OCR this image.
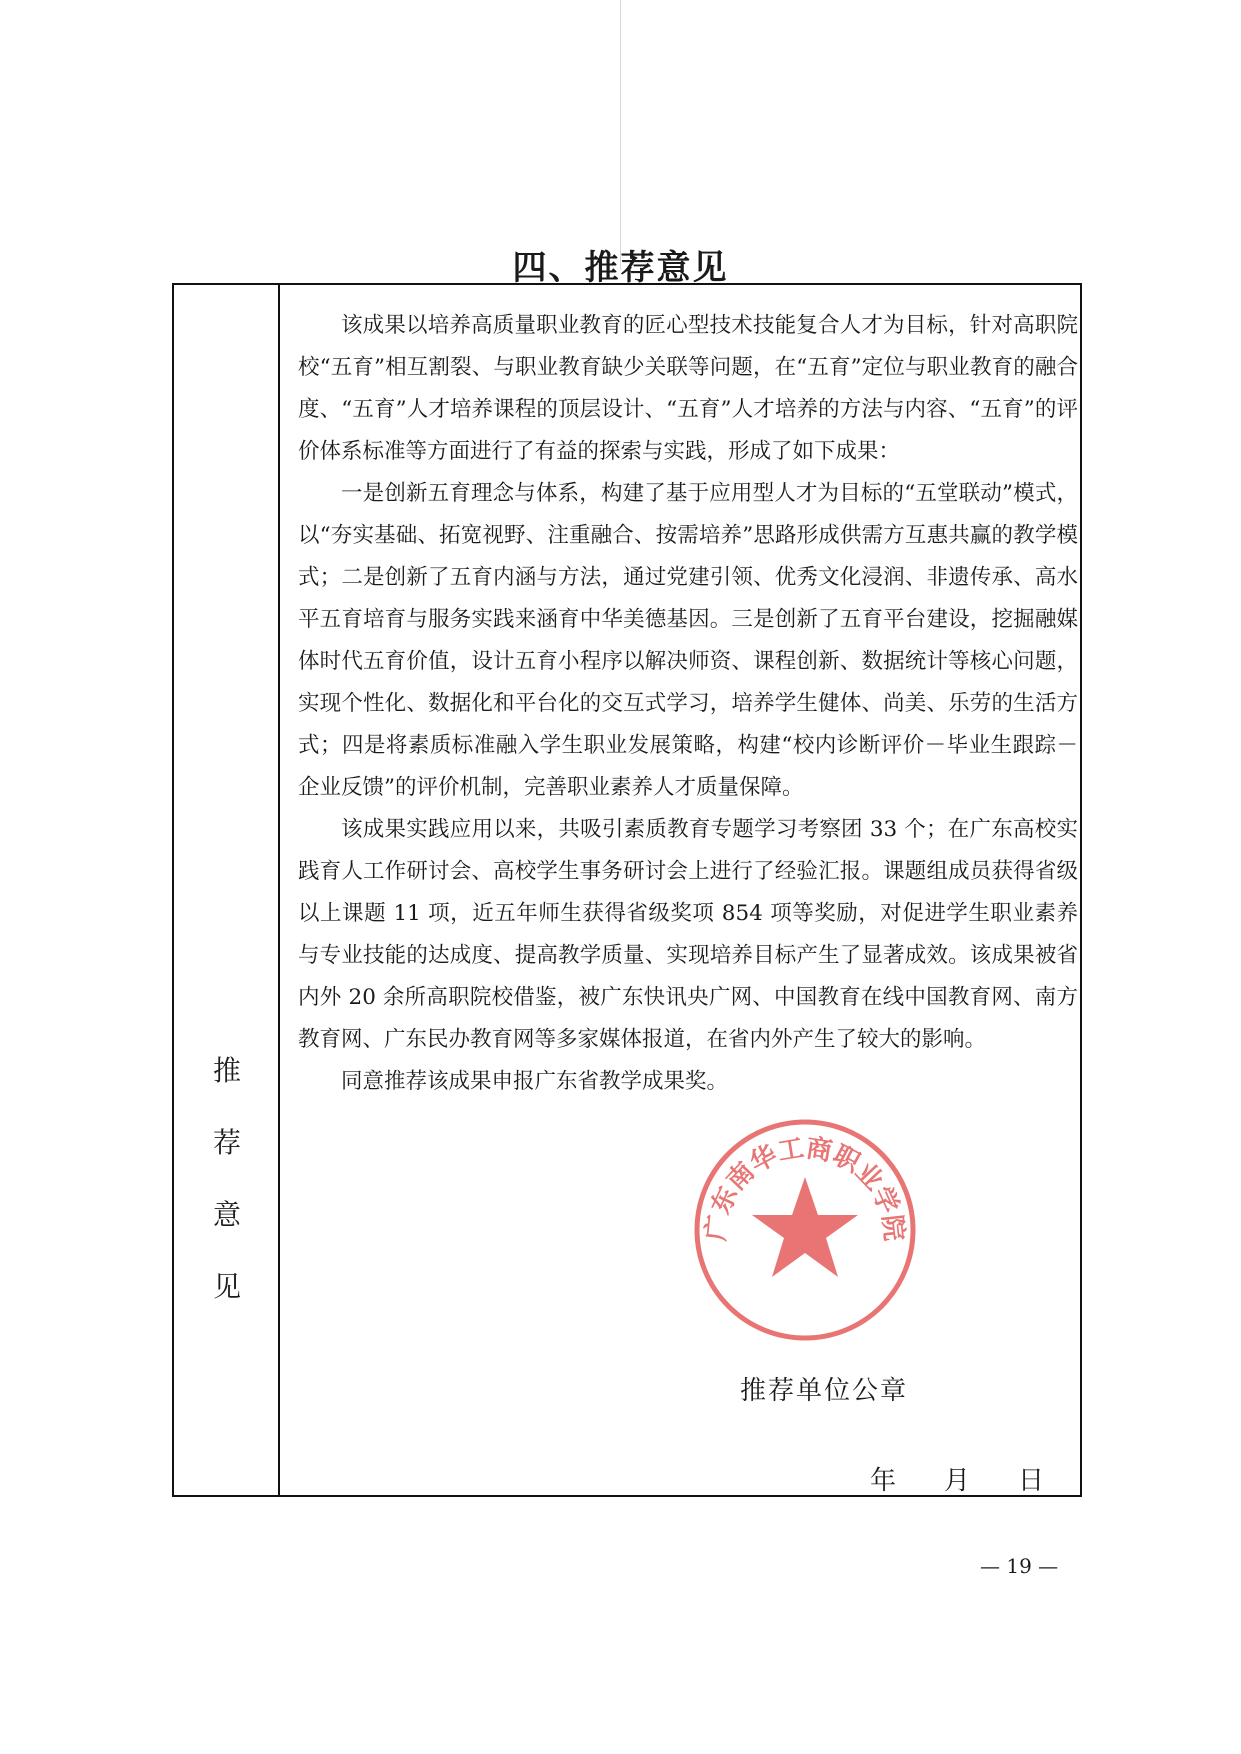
四、推荐意见
推
荐
意
见

该成果以培养高质量职业教育的匠心型技术技能复合人才为目标，针对高职院校“五育”相互割裂、与职业教育缺少关联等问题，在“五育”定位与职业教育的融合度、“五育”人才培养课程的顶层设计、“五育”人才培养的方法与内容、“五育”的评价体系标准等方面进行了有益的探索与实践，形成了如下成果：

一是创新五育理念与体系，构建了基于应用型人才为目标的“五堂联动”模式，以“夯实基础、拓宽视野、注重融合、按需培养”思路形成供需方互惠共赢的教学模式；二是创新了五育内涵与方法，通过党建引领、优秀文化浸润、非遗传承、高水平五育培育与服务实践来涵育中华美德基因。三是创新了五育平台建设，挖掘融媒体时代五育价值，设计五育小程序以解决师资、课程创新、数据统计等核心问题，实现个性化、数据化和平台化的交互式学习，培养学生健体、尚美、乐劳的生活方式；四是将素质标准融入学生职业发展策略，构建“校内诊断评价－毕业生跟踪－企业反馈”的评价机制，完善职业素养人才质量保障。

该成果实践应用以来，共吸引素质教育专题学习考察团 33 个；在广东高校实践育人工作研讨会、高校学生事务研讨会上进行了经验汇报。课题组成员获得省级以上课题 11 项，近五年师生获得省级奖项 854 项等奖励，对促进学生职业素养与专业技能的达成度、提高教学质量、实现培养目标产生了显著成效。该成果被省内外 20 余所高职院校借鉴，被广东快讯央广网、中国教育在线中国教育网、南方教育网、广东民办教育网等多家媒体报道，在省内外产生了较大的影响。

同意推荐该成果申报广东省教学成果奖。

推荐单位公章
年 月 日
广东南华工商职业学院
— 19 —
